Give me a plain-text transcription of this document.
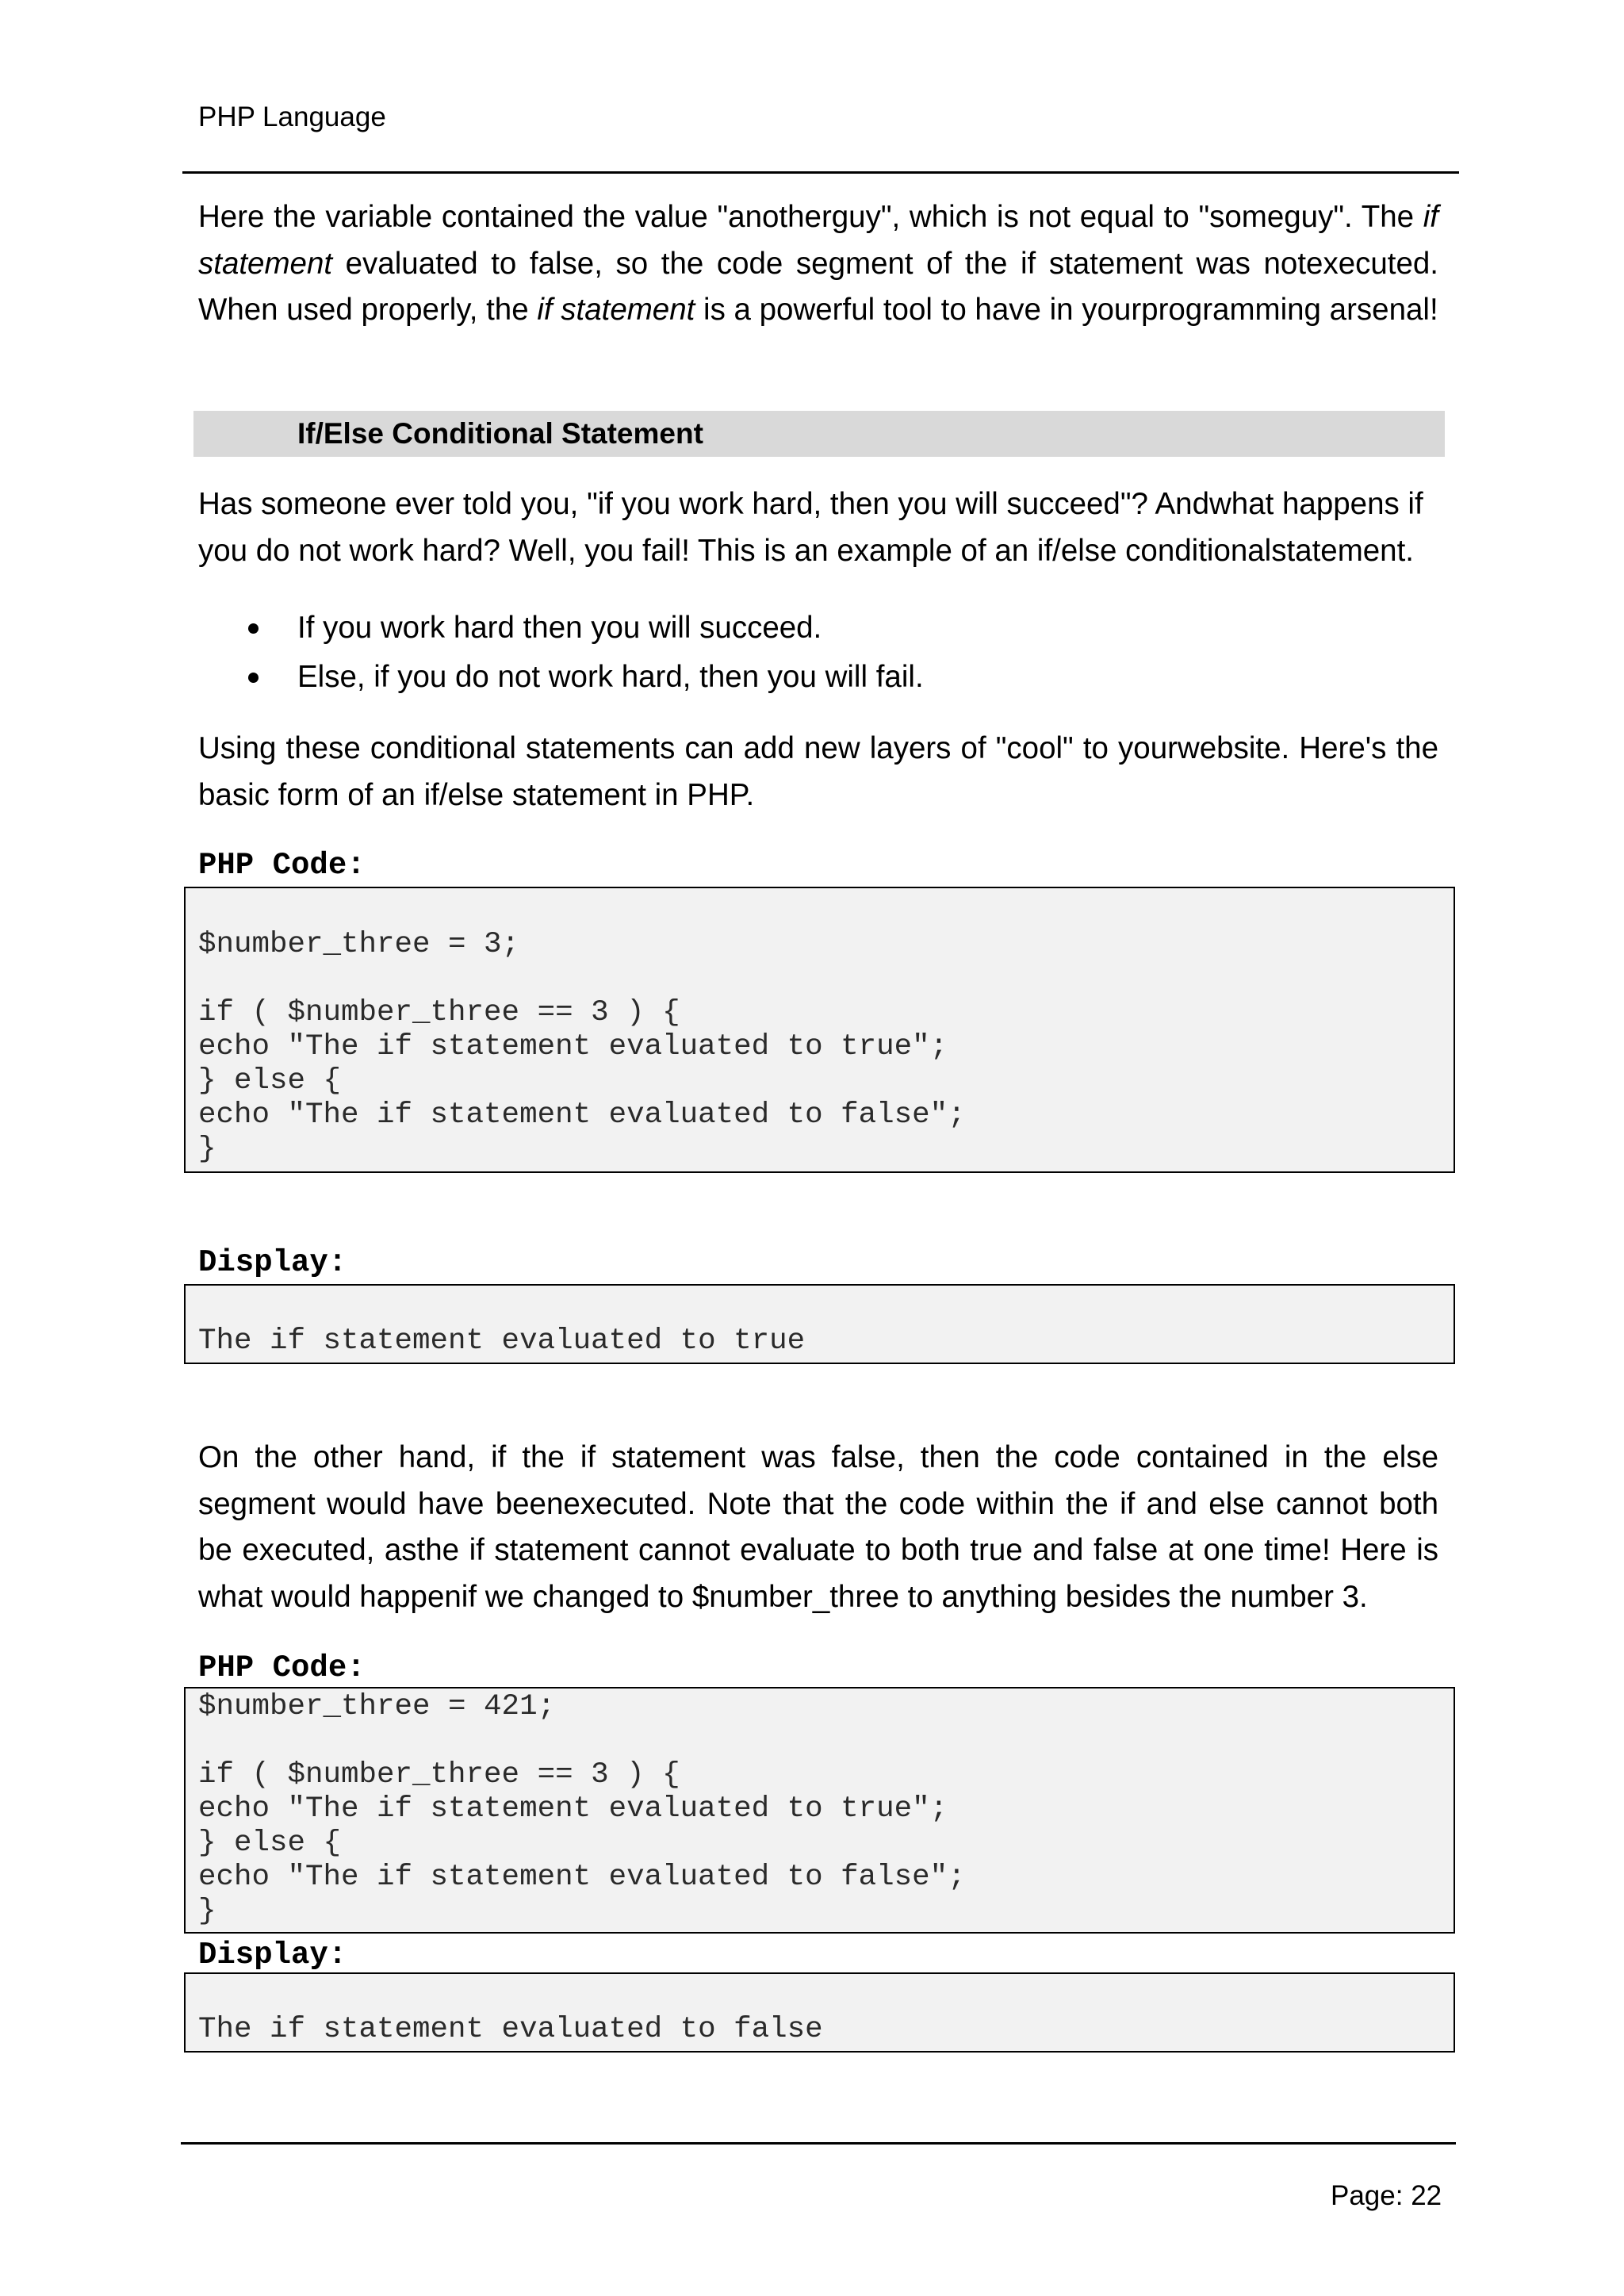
PHP Language
Here the variable contained the value "anotherguy", which is not equal to "someguy". The if statement evaluated to false, so the code segment of the if statement was notexecuted. When used properly, the if statement is a powerful tool to have in yourprogramming arsenal!
If/Else Conditional Statement
Has someone ever told you, "if you work hard, then you will succeed"? Andwhat happens if you do not work hard? Well, you fail! This is an example of an if/else conditionalstatement.
If you work hard then you will succeed.
Else, if you do not work hard, then you will fail.
Using these conditional statements can add new layers of "cool" to yourwebsite. Here's the basic form of an if/else statement in PHP.
PHP Code:
$number_three = 3;
if ( $number_three == 3 ) {
echo "The if statement evaluated to true";
} else {
echo "The if statement evaluated to false";
}
Display:
The if statement evaluated to true
On the other hand, if the if statement was false, then the code contained in the else segment would have beenexecuted. Note that the code within the if and else cannot both be executed, asthe if statement cannot evaluate to both true and false at one time! Here is what would happenif we changed to $number_three to anything besides the number 3.
PHP Code:
$number_three = 421;
if ( $number_three == 3 ) {
echo "The if statement evaluated to true";
} else {
echo "The if statement evaluated to false";
}
Display:
The if statement evaluated to false
Page: 22
